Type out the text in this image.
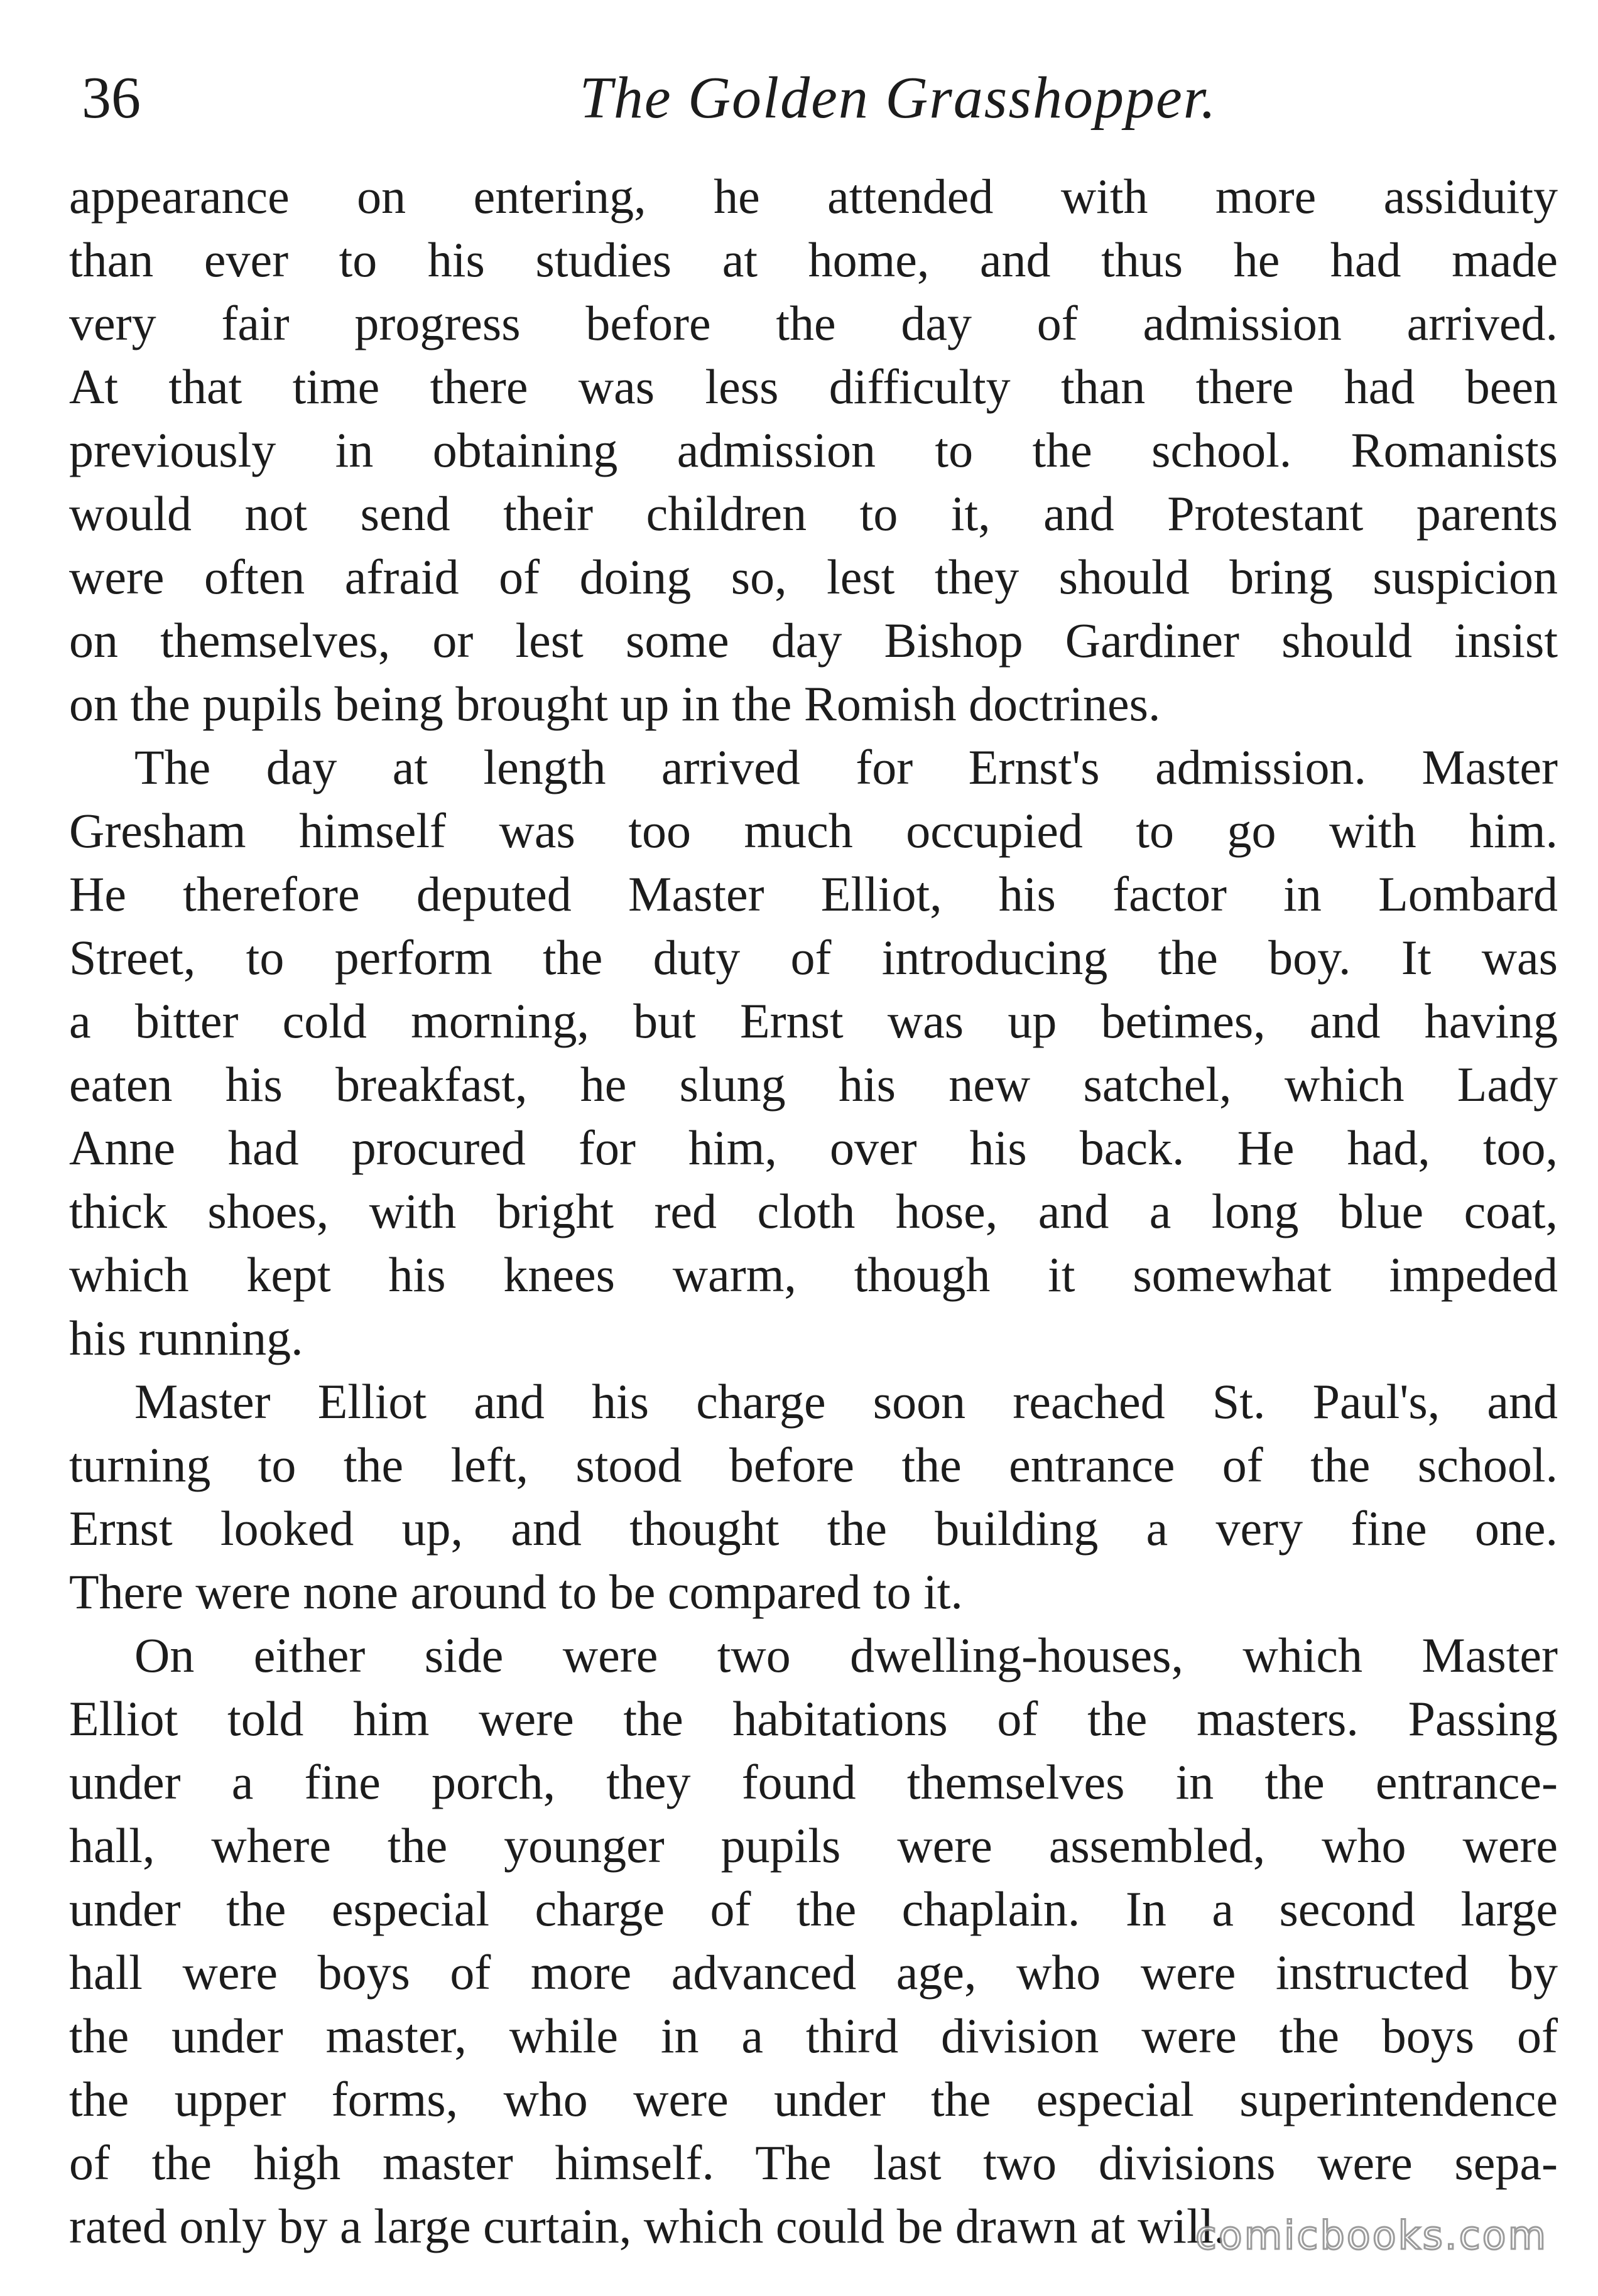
36	The Golden Grasshopper.
appearance on entering, he attended with more assiduity
than ever to his studies at home, and thus he had made
very fair progress before the day of admission arrived.
At that time there was less difficulty than there had been
previously in obtaining admission to the school. Romanists
would not send their children to it, and Protestant parents
were often afraid of doing so, lest they should bring suspicion
on themselves, or lest some day Bishop Gardiner should insist
on the pupils being brought up in the Romish doctrines.
The day at length arrived for Ernst's admission. Master
Gresham himself was too much occupied to go with him.
He therefore deputed Master Elliot, his factor in Lombard
Street, to perform the duty of introducing the boy. It was
a bitter cold morning, but Ernst was up betimes, and having
eaten his breakfast, he slung his new satchel, which Lady
Anne had procured for him, over his back. He had, too,
thick shoes, with bright red cloth hose, and a long blue coat,
which kept his knees warm, though it somewhat impeded
his running.
Master Elliot and his charge soon reached St. Paul's, and
turning to the left, stood before the entrance of the school.
Ernst looked up, and thought the building a very fine one.
There were none around to be compared to it.
On either side were two dwelling-houses, which Master
Elliot told him were the habitations of the masters. Passing
under a fine porch, they found themselves in the entrance-
hall, where the younger pupils were assembled, who were
under the especial charge of the chaplain. In a second large
hall were boys of more advanced age, who were instructed by
the under master, while in a third division were the boys of
the upper forms, who were under the especial superintendence
of the high master himself. The last two divisions were sepa-
rated only by a large curtain, which could be drawn at will.
comicbooks.com
